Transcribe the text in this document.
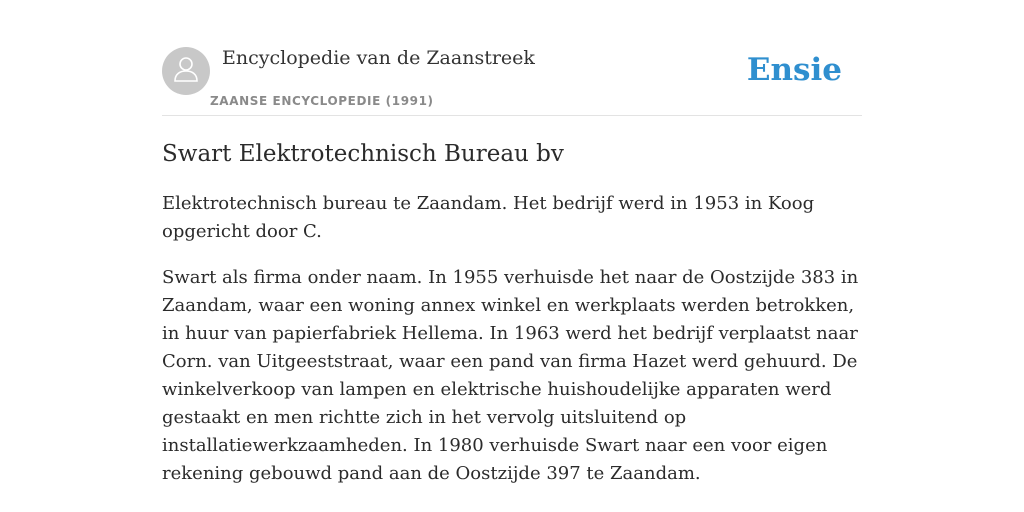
Encyclopedie van de Zaanstreek
ZAANSE ENCYCLOPEDIE (1991)
Ensie
Swart Elektrotechnisch Bureau bv

Elektrotechnisch bureau te Zaandam. Het bedrijf werd in 1953 in Koog opgericht door C.

Swart als firma onder naam. In 1955 verhuisde het naar de Oostzijde 383 in Zaandam, waar een woning annex winkel en werkplaats werden betrokken, in huur van papierfabriek Hellema. In 1963 werd het bedrijf verplaatst naar Corn. van Uitgeeststraat, waar een pand van firma Hazet werd gehuurd. De winkelverkoop van lampen en elektrische huishoudelijke apparaten werd gestaakt en men richtte zich in het vervolg uitsluitend op installatiewerkzaamheden. In 1980 verhuisde Swart naar een voor eigen rekening gebouwd pand aan de Oostzijde 397 te Zaandam.
